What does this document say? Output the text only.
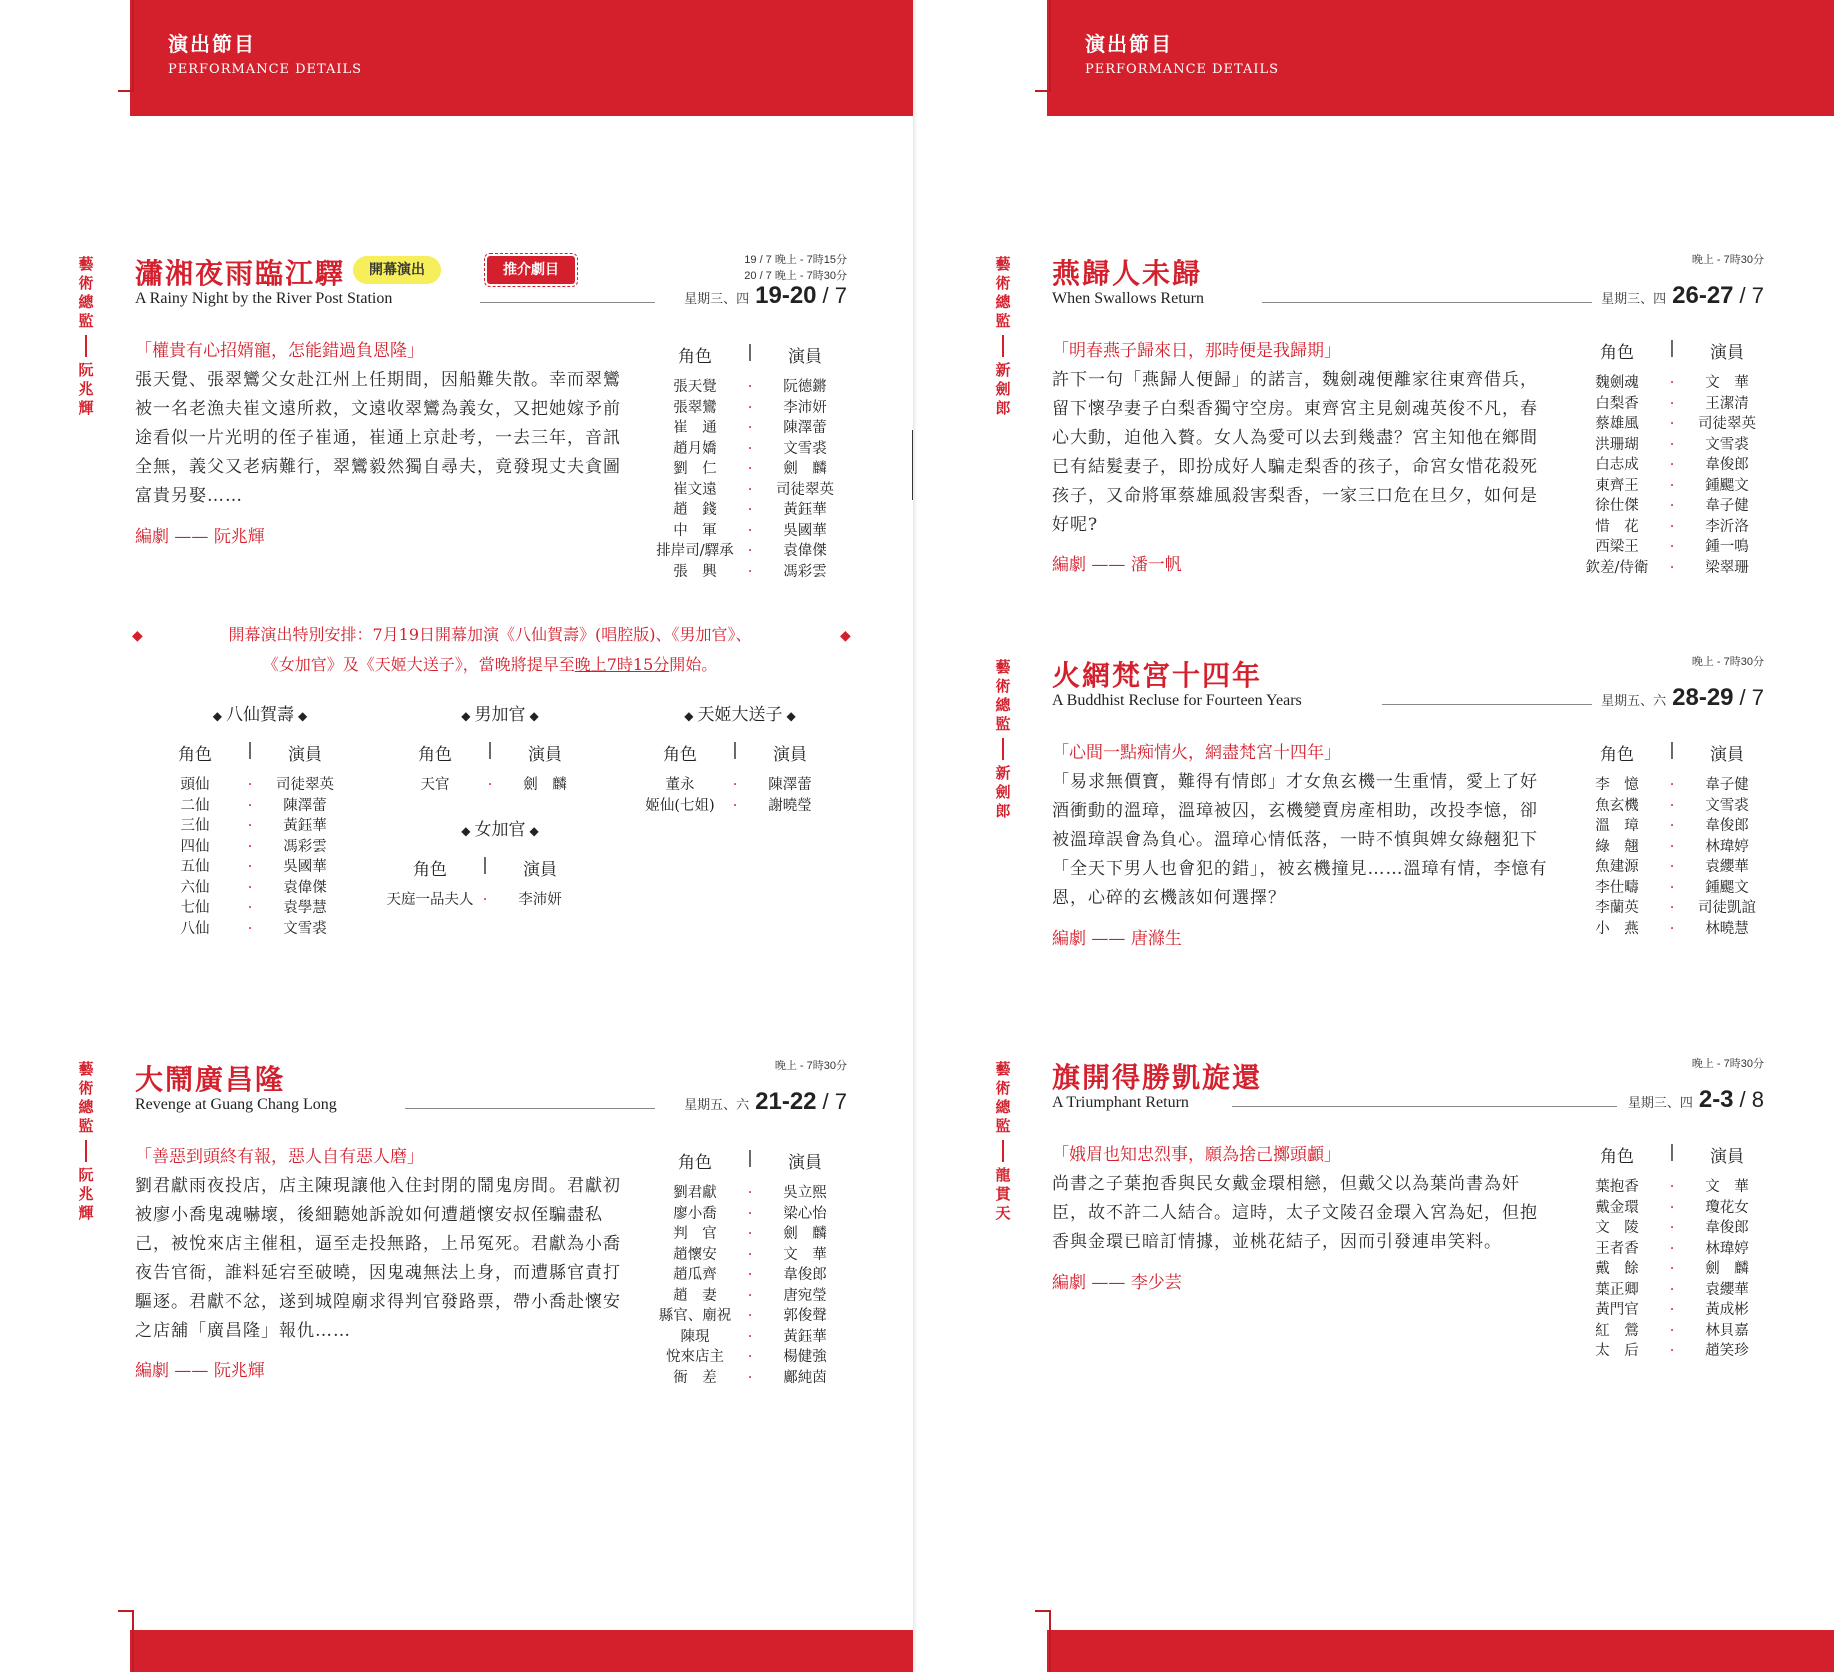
演出節目
PERFORMANCE DETAILS
藝術總監
阮兆輝
瀟湘夜雨臨江驛	開幕演出	推介劇目
19 / 7 晚上 - 7時15分
20 / 7 晚上 - 7時30分
A Rainy Night by the River Post Station	星期三、四 19-20 / 7
「權貴有心招婿寵，怎能錯過負恩隆」
張天覺、張翠鸞父女赴江州上任期間，因船難失散。幸而翠鸞被一名老漁夫崔文遠所救，文遠收翠鸞為義女，又把她嫁予前途看似一片光明的侄子崔通，崔通上京赴考，一去三年，音訊全無，義父又老病難行，翠鸞毅然獨自尋夫，竟發現丈夫貪圖富貴另娶……
編劇 —— 阮兆輝
角色	|	演員
張天覺	·	阮德鏘
張翠鸞	·	李沛妍
崔　通	·	陳澤蕾
趙月嬌	·	文雪裘
劉　仁	·	劍　麟
崔文遠	·	司徒翠英
趙　錢	·	黃鈺華
中　軍	·	吳國華
排岸司/驛承 ·	袁偉傑
張　興	·	馮彩雲
◆	◆
開幕演出特別安排：7月19日開幕加演《八仙賀壽》(唱腔版)、《男加官》、
《女加官》及《天姬大送子》，當晚將提早至晚上7時15分開始。
◆ 八仙賀壽 ◆
角色	|	演員
頭仙	·	司徒翠英
二仙	·	陳澤蕾
三仙	·	黃鈺華
四仙	·	馮彩雲
五仙	·	吳國華
六仙	·	袁偉傑
七仙	·	袁學慧
八仙	·	文雪裘
◆ 男加官 ◆
角色	|	演員
天官	·	劍　麟
◆ 女加官 ◆
角色	|	演員
天庭一品夫人 ·	李沛妍
◆ 天姬大送子 ◆
角色	|	演員
董永	·	陳澤蕾
姬仙(七姐)	·	謝曉瑩
藝術總監
阮兆輝
大鬧廣昌隆	晚上 - 7時30分
Revenge at Guang Chang Long	星期五、六 21-22 / 7
「善惡到頭終有報，惡人自有惡人磨」
劉君獻雨夜投店，店主陳現讓他入住封閉的鬧鬼房間。君獻初被廖小喬鬼魂嚇壞，後細聽她訴說如何遭趙懷安叔侄騙盡私己，被悅來店主催租，逼至走投無路，上吊冤死。君獻為小喬夜告官衙，誰料延宕至破曉，因鬼魂無法上身，而遭縣官責打驅逐。君獻不忿，遂到城隍廟求得判官發路票，帶小喬赴懷安之店舖「廣昌隆」報仇……
編劇 —— 阮兆輝
角色	|	演員
劉君獻	·	吳立熙
廖小喬	·	梁心怡
判　官	·	劍　麟
趙懷安	·	文　華
趙瓜齊	·	韋俊郎
趙　妻	·	唐宛瑩
縣官、廟祝	·	郭俊聲
陳現	·	黃鈺華
悅來店主	·	楊健強
衙　差	·	鄺純茵
演出節目
PERFORMANCE DETAILS
藝術總監
新劍郎
燕歸人未歸	晚上 - 7時30分
When Swallows Return	星期三、四 26-27 / 7
「明春燕子歸來日，那時便是我歸期」
許下一句「燕歸人便歸」的諾言，魏劍魂便離家往東齊借兵，留下懷孕妻子白梨香獨守空房。東齊宮主見劍魂英俊不凡，春心大動，迫他入贅。女人為愛可以去到幾盡？宮主知他在鄉間已有結髮妻子，即扮成好人騙走梨香的孩子，命宮女惜花殺死孩子，又命將軍蔡雄風殺害梨香，一家三口危在旦夕，如何是好呢?
編劇 —— 潘一帆
角色	|	演員
魏劍魂	·	文　華
白梨香	·	王潔清
蔡雄風	·	司徒翠英
洪珊瑚	·	文雪裘
白志成	·	韋俊郎
東齊王	·	鍾颸文
徐仕傑	·	韋子健
惜　花	·	李沂洛
西梁王	·	鍾一鳴
欽差/侍衛	·	梁翠珊
藝術總監
新劍郎
火網梵宮十四年	晚上 - 7時30分
A Buddhist Recluse for Fourteen Years	星期五、六 28-29 / 7
「心間一點痴情火，網盡梵宮十四年」
「易求無價寶，難得有情郎」才女魚玄機一生重情，愛上了好酒衝動的溫璋，溫璋被囚，玄機變賣房產相助，改投李憶，卻被溫璋誤會為負心。溫璋心情低落，一時不慎與婢女綠翹犯下「全天下男人也會犯的錯」，被玄機撞見……溫璋有情，李憶有恩，心碎的玄機該如何選擇？
編劇 —— 唐滌生
角色	|	演員
李　憶	·	韋子健
魚玄機	·	文雪裘
溫　璋	·	韋俊郎
綠　翹	·	林瑋婷
魚建源	·	袁纓華
李仕疇	·	鍾颸文
李蘭英	·	司徒凱誼
小　燕	·	林曉慧
藝術總監
龍貫天
旗開得勝凱旋還	晚上 - 7時30分
A Triumphant Return	星期三、四 2-3 / 8
「娥眉也知忠烈事，願為捨己擲頭顱」
尚書之子葉抱香與民女戴金環相戀，但戴父以為葉尚書為奸臣，故不許二人結合。這時，太子文陵召金環入宮為妃，但抱香與金環已暗訂情據，並桃花結子，因而引發連串笑料。
編劇 —— 李少芸
角色	|	演員
葉抱香	·	文　華
戴金環	·	瓊花女
文　陵	·	韋俊郎
王者香	·	林瑋婷
戴　餘	·	劍　麟
葉正卿	·	袁纓華
黃門官	·	黃成彬
紅　鶯	·	林貝嘉
太　后	·	趙笑珍
